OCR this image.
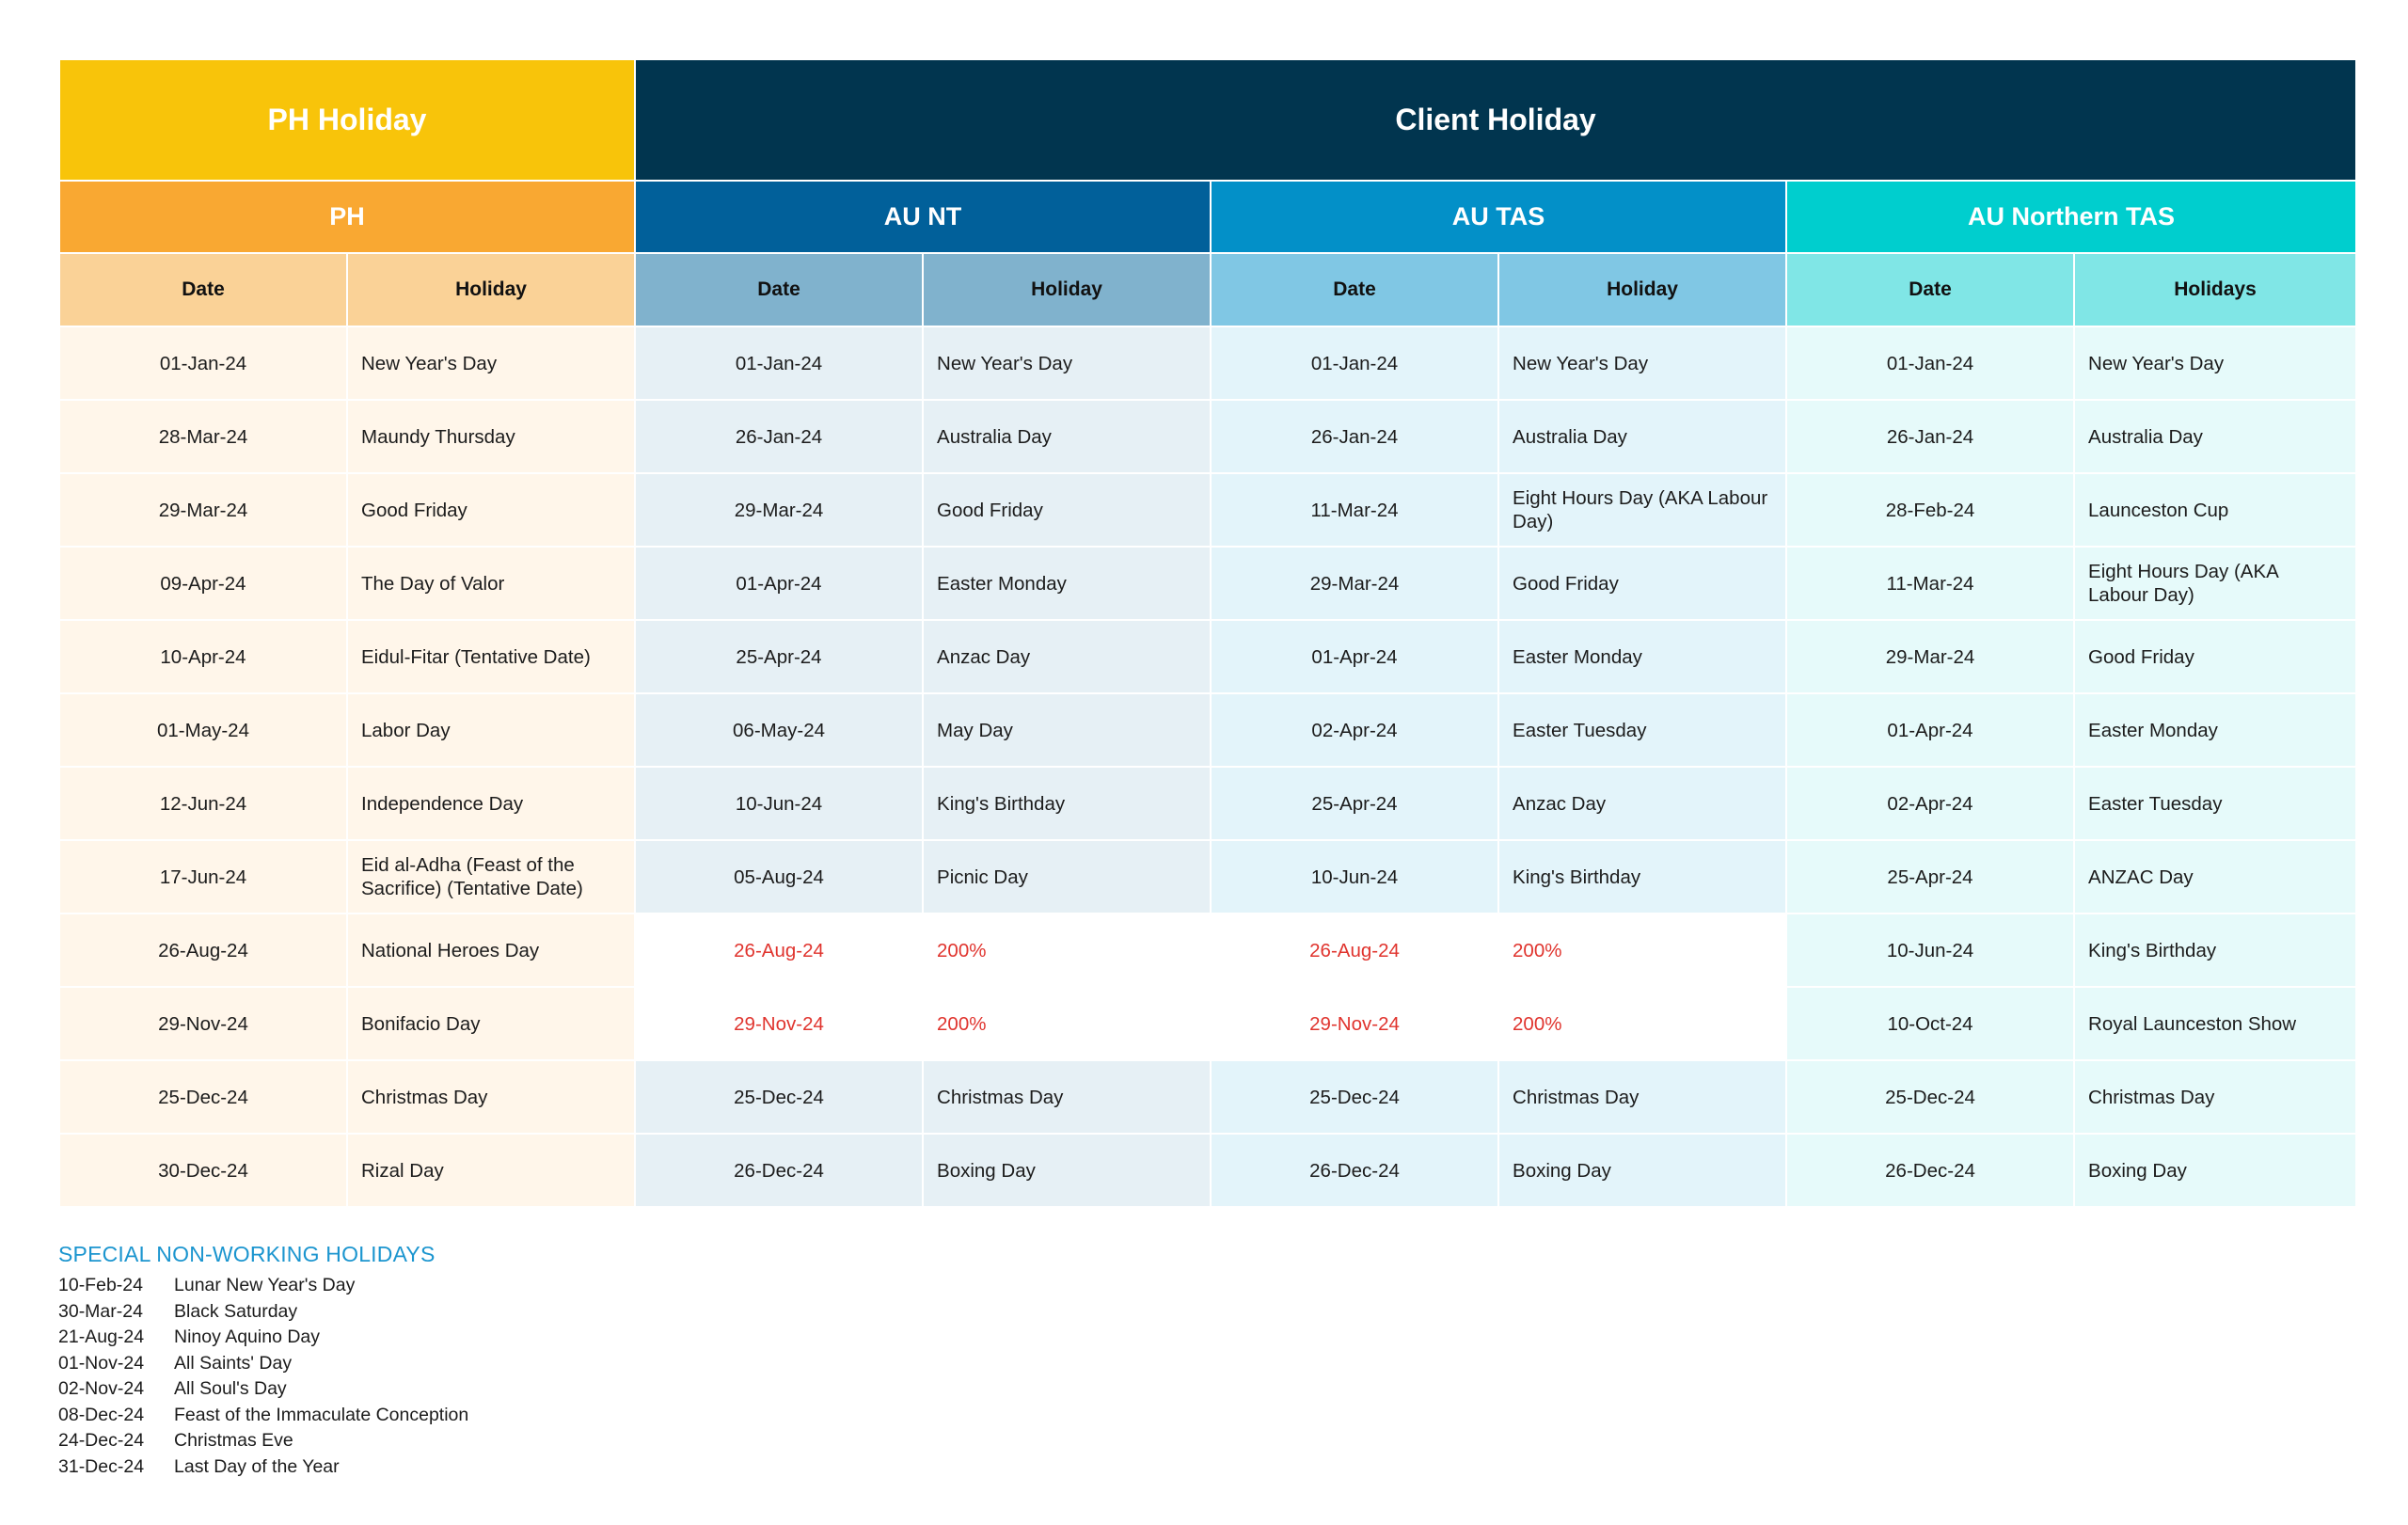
PH Holiday		Client Holiday					
PH		AU NT		AU TAS		AU Northern TAS	
Date	Holiday	Date	Holiday	Date	Holiday	Date	Holidays
01-Jan-24	New Year's Day	01-Jan-24	New Year's Day	01-Jan-24	New Year's Day	01-Jan-24	New Year's Day
28-Mar-24	Maundy Thursday	26-Jan-24	Australia Day	26-Jan-24	Australia Day	26-Jan-24	Australia Day
29-Mar-24	Good Friday	29-Mar-24	Good Friday	11-Mar-24	Eight Hours Day (AKA Labour Day)	28-Feb-24	Launceston Cup
09-Apr-24	The Day of Valor	01-Apr-24	Easter Monday	29-Mar-24	Good Friday	11-Mar-24	Eight Hours Day (AKA Labour Day)
10-Apr-24	Eidul-Fitar (Tentative Date)	25-Apr-24	Anzac Day	01-Apr-24	Easter Monday	29-Mar-24	Good Friday
01-May-24	Labor Day	06-May-24	May Day	02-Apr-24	Easter Tuesday	01-Apr-24	Easter Monday
12-Jun-24	Independence Day	10-Jun-24	King's Birthday	25-Apr-24	Anzac Day	02-Apr-24	Easter Tuesday
17-Jun-24	Eid al-Adha (Feast of the Sacrifice) (Tentative Date)	05-Aug-24	Picnic Day	10-Jun-24	King's Birthday	25-Apr-24	ANZAC Day
26-Aug-24	National Heroes Day	26-Aug-24	200%	26-Aug-24	200%	10-Jun-24	King's Birthday
29-Nov-24	Bonifacio Day	29-Nov-24	200%	29-Nov-24	200%	10-Oct-24	Royal Launceston Show
25-Dec-24	Christmas Day	25-Dec-24	Christmas Day	25-Dec-24	Christmas Day	25-Dec-24	Christmas Day
30-Dec-24	Rizal Day	26-Dec-24	Boxing Day	26-Dec-24	Boxing Day	26-Dec-24	Boxing Day
SPECIAL NON-WORKING HOLIDAYS
10-Feb-24	Lunar New Year's Day
30-Mar-24	Black Saturday
21-Aug-24	Ninoy Aquino Day
01-Nov-24	All Saints' Day
02-Nov-24	All Soul's Day
08-Dec-24	Feast of the Immaculate Conception
24-Dec-24	Christmas Eve
31-Dec-24	Last Day of the Year
